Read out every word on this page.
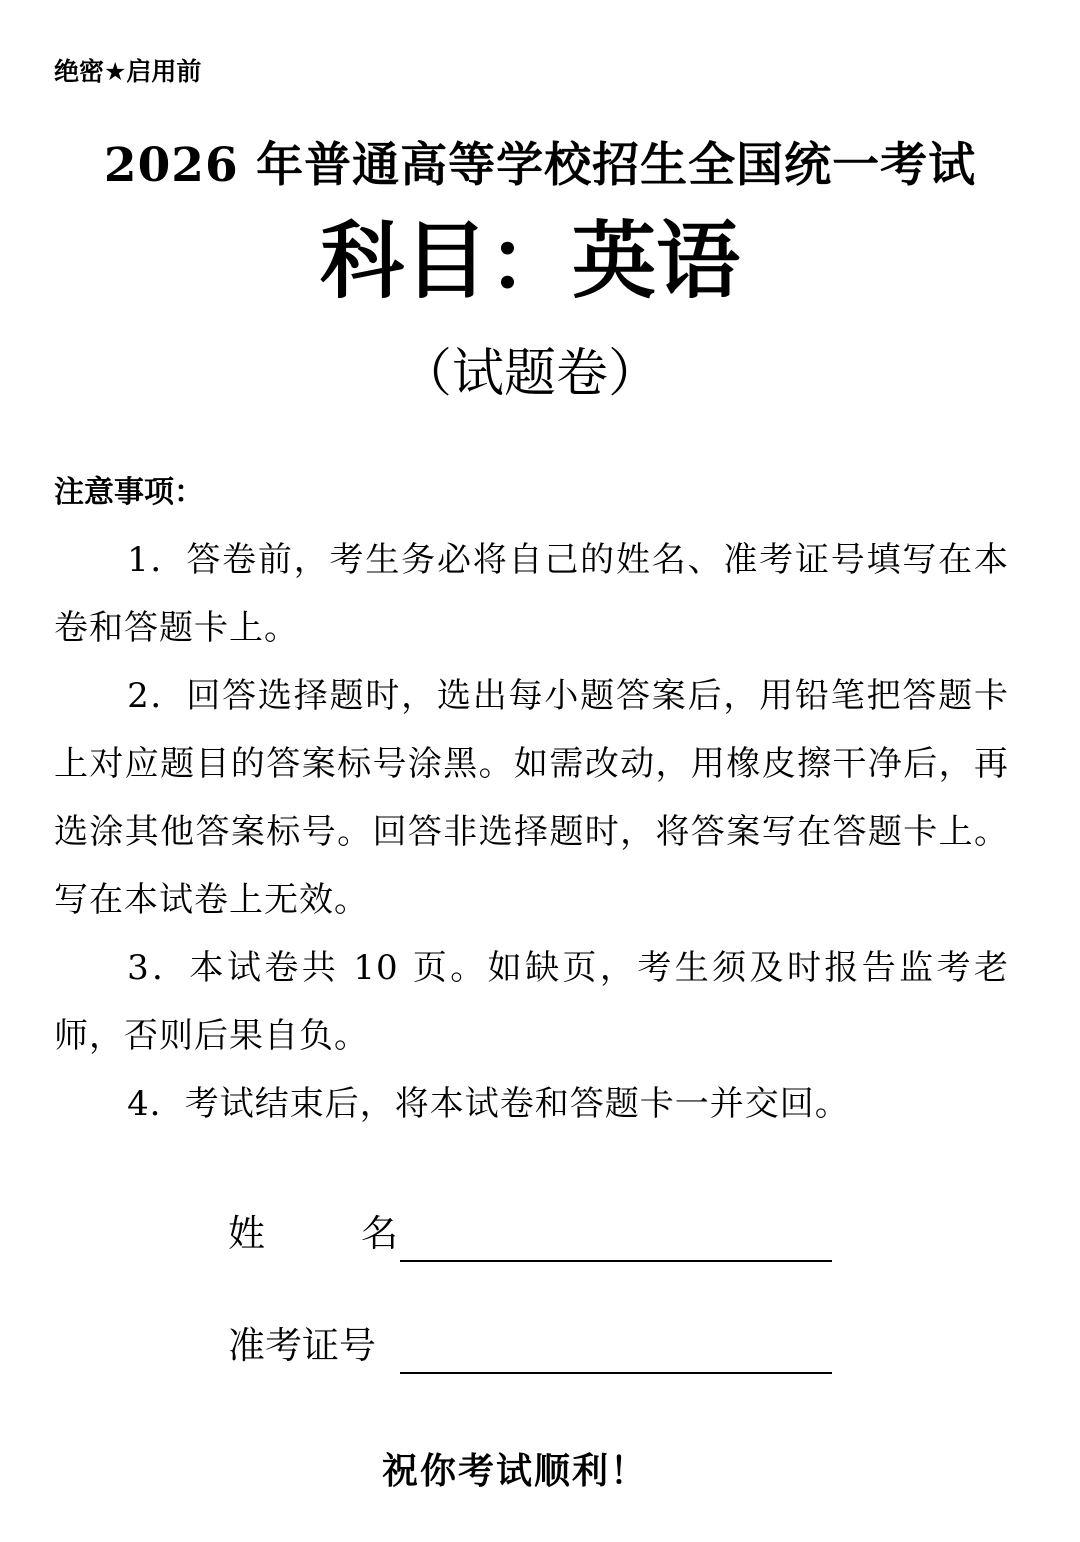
绝密★启用前
2026 年普通高等学校招生全国统一考试
科目：英语
（试题卷）
注意事项：

1．答卷前，考生务必将自己的姓名、准考证号填写在本卷和答题卡上。

2．回答选择题时，选出每小题答案后，用铅笔把答题卡上对应题目的答案标号涂黑。如需改动，用橡皮擦干净后，再选涂其他答案标号。回答非选择题时，将答案写在答题卡上。写在本试卷上无效。

3．本试卷共 10 页。如缺页，考生须及时报告监考老师，否则后果自负。

4．考试结束后，将本试卷和答题卡一并交回。

姓名
准考证号
祝你考试顺利！
